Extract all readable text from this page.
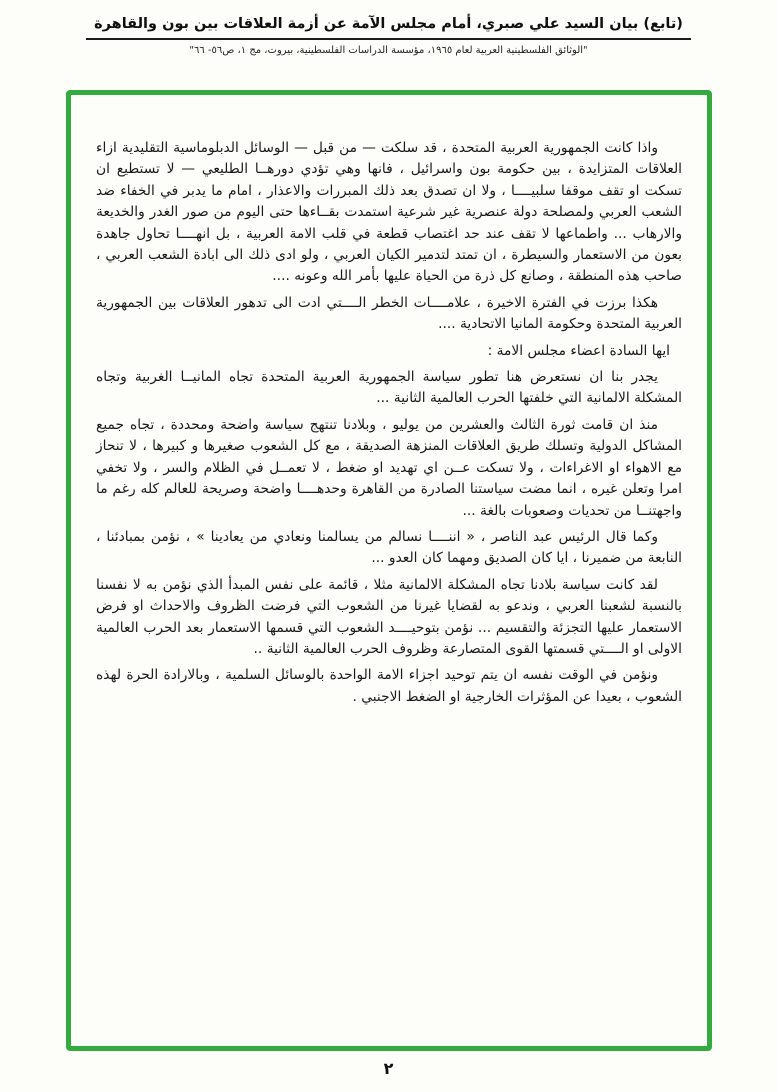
(تابع) بيان السيد علي صبري، أمام مجلس الآمة عن أزمة العلاقات بين بون والقاهرة
"الوثائق الفلسطينية العربية لعام ١٩٦٥، مؤسسة الدراسات الفلسطينية، بيروت، مج ١، ص٥٦- ٦٦"

واذا كانت الجمهورية العربية المتحدة ، قد سلكت — من قبل — الوسائل الدبلوماسية التقليدية ازاء العلاقات المتزايدة ، بين حكومة بون واسرائيل ، فانها وهي تؤدي دورهــا الطليعي — لا تستطيع ان تسكت او تقف موقفا سلبيــــا ، ولا ان تصدق بعد ذلك المبررات والاعذار ، امام ما يدبر في الخفاء ضد الشعب العربي ولمصلحة دولة عنصرية غير شرعية استمدت بقــاءها حتى اليوم من صور الغدر والخديعة والارهاب ... واطماعها لا تقف عند حد اغتصاب قطعة في قلب الامة العربية ، بل انهــــا تحاول جاهدة بعون من الاستعمار والسيطرة ، ان تمتد لتدمير الكيان العربي ، ولو ادى ذلك الى ابادة الشعب العربي ، صاحب هذه المنطقة ، وصانع كل ذرة من الحياة عليها بأمر الله وعونه ....

هكذا برزت في الفترة الاخيرة ، علامــــات الخطر الــــتي ادت الى تدهور العلاقات بين الجمهورية العربية المتحدة وحكومة المانيا الاتحادية ....

ايها السادة اعضاء مجلس الامة :

يجدر بنا ان نستعرض هنا تطور سياسة الجمهورية العربية المتحدة تجاه المانيــا الغربية وتجاه المشكلة الالمانية التي خلفتها الحرب العالمية الثانية ...

منذ ان قامت ثورة الثالث والعشرين من يوليو ، وبلادنا تنتهج سياسة واضحة ومحددة ، تجاه جميع المشاكل الدولية وتسلك طريق العلاقات المنزهة الصديقة ، مع كل الشعوب صغيرها و كبيرها ، لا تنحاز مع الاهواء او الاغراءات ، ولا تسكت عــن اي تهديد او ضغط ، لا تعمــل في الظلام والسر ، ولا تخفي امرا وتعلن غيره ، انما مضت سياستنا الصادرة من القاهرة وحدهــــا واضحة وصريحة للعالم كله رغم ما واجهتنــا من تحديات وصعوبات بالغة ...

وكما قال الرئيس عبد الناصر ، « اننــــا نسالم من يسالمنا ونعادي من يعادينا » ، نؤمن بمبادئنا ، النابعة من ضميرنا ، ايا كان الصديق ومهما كان العدو ...

لقد كانت سياسة بلادنا تجاه المشكلة الالمانية مثلا ، قائمة على نفس المبدأ الذي نؤمن به لا نفسنا بالنسبة لشعبنا العربي ، وندعو به لقضايا غيرنا من الشعوب التي فرضت الظروف والاحداث او فرض الاستعمار عليها التجزئة والتقسيم ... نؤمن بتوحيــــد الشعوب التي قسمها الاستعمار بعد الحرب العالمية الاولى او الــــتي قسمتها القوى المتصارعة وظروف الحرب العالمية الثانية ..

ونؤمن في الوقت نفسه ان يتم توحيد اجزاء الامة الواحدة بالوسائل السلمية ، وبالارادة الحرة لهذه الشعوب ، بعيدا عن المؤثرات الخارجية او الضغط الاجنبي .

٢
